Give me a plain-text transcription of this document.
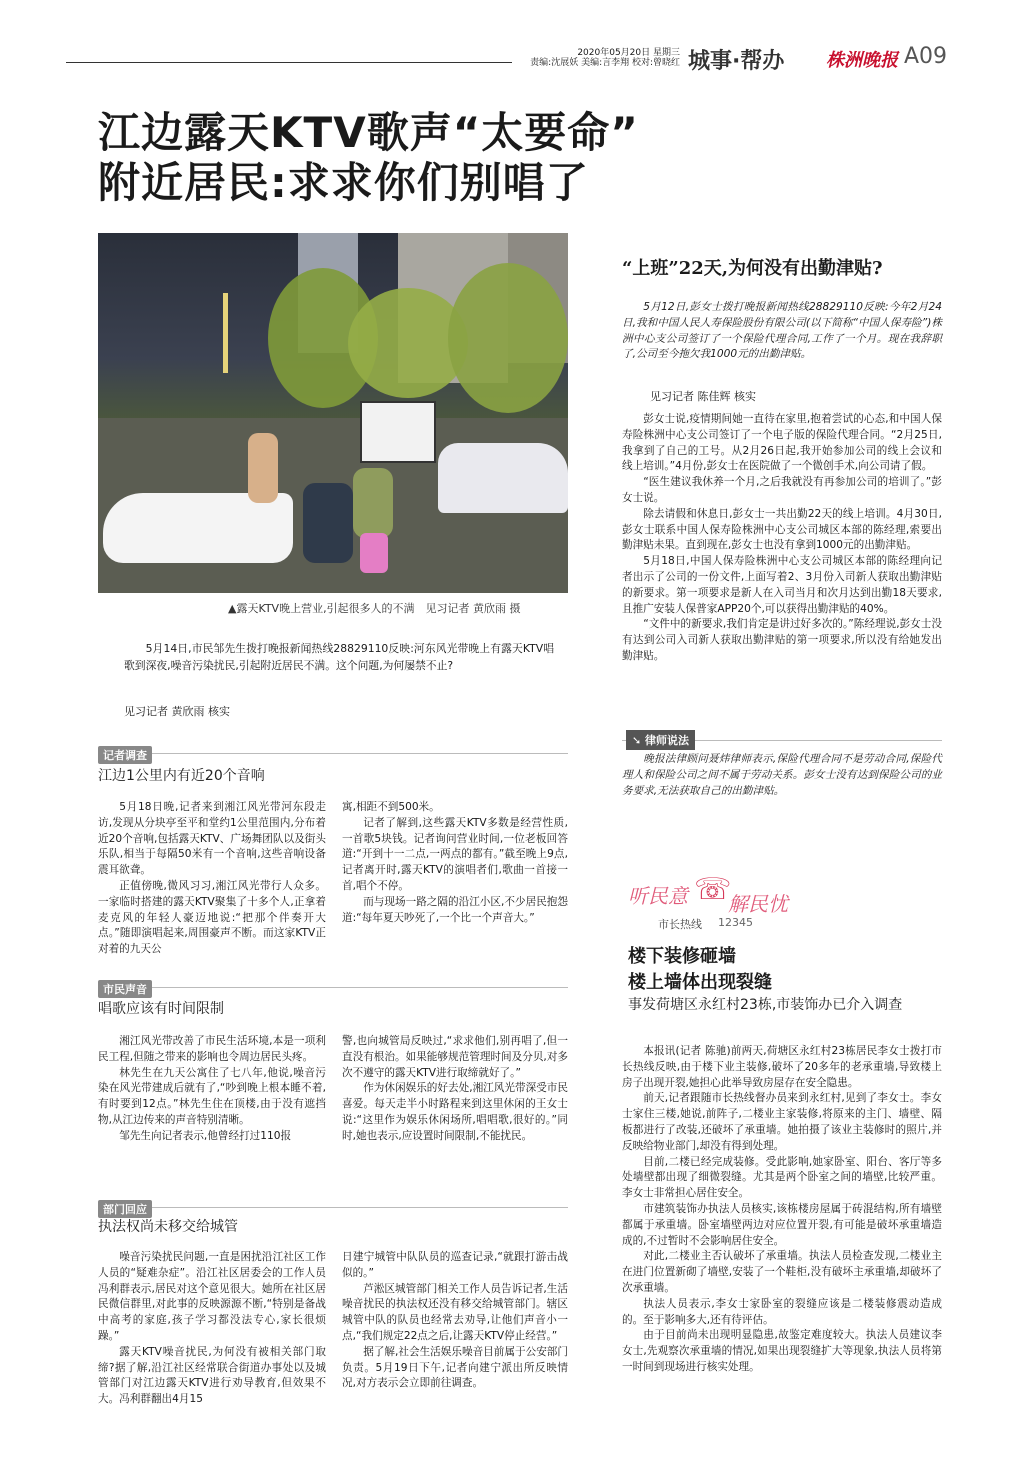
2020年05月20日 星期三
责编:沈展妖 美编:言李翔 校对:曾晓红 城事·帮办 株洲晚报 A09
江边露天KTV歌声“太要命”
附近居民:求求你们别唱了
▲露天KTV晚上营业,引起很多人的不满　见习记者 黄欣雨 摄

5月14日,市民邹先生拨打晚报新闻热线28829110反映:河东风光带晚上有露天KTV唱歌到深夜,噪音污染扰民,引起附近居民不满。这个问题,为何屡禁不止?

见习记者 黄欣雨 核实
记者调查
江边1公里内有近20个音响

5月18日晚,记者来到湘江风光带河东段走访,发现从分块亭至平和堂约1公里范围内,分布着近20个音响,包括露天KTV、广场舞团队以及街头乐队,相当于每隔50米有一个音响,这些音响设备震耳欲聋。

正值傍晚,微风习习,湘江风光带行人众多。一家临时搭建的露天KTV聚集了十多个人,正拿着麦克风的年轻人豪迈地说:“把那个伴奏开大点。”随即演唱起来,周围豪声不断。而这家KTV正对着的九天公

寓,相距不到500米。

记者了解到,这些露天KTV多数是经营性质,一首歌5块钱。记者询问营业时间,一位老板回答道:“开到十一二点,一两点的都有。”截至晚上9点,记者离开时,露天KTV的演唱者们,歌曲一首接一首,唱个不停。

而与现场一路之隔的沿江小区,不少居民抱怨道:“每年夏天吵死了,一个比一个声音大。”

市民声音
唱歌应该有时间限制

湘江风光带改善了市民生活环境,本是一项利民工程,但随之带来的影响也令周边居民头疼。

林先生在九天公寓住了七八年,他说,噪音污染在风光带建成后就有了,“吵到晚上根本睡不着,有时要到12点。”林先生住在顶楼,由于没有遮挡物,从江边传来的声音特别清晰。

邹先生向记者表示,他曾经打过110报

警,也向城管局反映过,“求求他们,别再唱了,但一直没有根治。如果能够规范管理时间及分贝,对多次不遵守的露天KTV进行取缔就好了。”

作为休闲娱乐的好去处,湘江风光带深受市民喜爱。每天走半小时路程来到这里休闲的王女士说:“这里作为娱乐休闲场所,唱唱歌,很好的。”同时,她也表示,应设置时间限制,不能扰民。

部门回应
执法权尚未移交给城管

噪音污染扰民问题,一直是困扰沿江社区工作人员的“疑难杂症”。沿江社区居委会的工作人员冯利群表示,居民对这个意见很大。她所在社区居民微信群里,对此事的反映源源不断,“特别是备战中高考的家庭,孩子学习都没法专心,家长很烦躁。”

露天KTV噪音扰民,为何没有被相关部门取缔?据了解,沿江社区经常联合街道办事处以及城管部门对江边露天KTV进行劝导教育,但效果不大。冯利群翻出4月15

日建宁城管中队队员的巡查记录,“就跟打游击战似的。”

芦淞区城管部门相关工作人员告诉记者,生活噪音扰民的执法权还没有移交给城管部门。辖区城管中队的队员也经常去劝导,让他们声音小一点,“我们规定22点之后,让露天KTV停止经营。”

据了解,社会生活娱乐噪音目前属于公安部门负责。5月19日下午,记者向建宁派出所反映情况,对方表示会立即前往调查。

“上班”22天,为何没有出勤津贴?

5月12日,彭女士拨打晚报新闻热线28829110反映:今年2月24日,我和中国人民人寿保险股份有限公司(以下简称“中国人保寿险”)株洲中心支公司签订了一个保险代理合同,工作了一个月。现在我辞职了,公司至今拖欠我1000元的出勤津贴。

见习记者 陈佳辉 核实

彭女士说,疫情期间她一直待在家里,抱着尝试的心态,和中国人保寿险株洲中心支公司签订了一个电子版的保险代理合同。“2月25日,我拿到了自己的工号。从2月26日起,我开始参加公司的线上会议和线上培训。”4月份,彭女士在医院做了一个微创手术,向公司请了假。

“医生建议我休养一个月,之后我就没有再参加公司的培训了。”彭女士说。

除去请假和休息日,彭女士一共出勤22天的线上培训。4月30日,彭女士联系中国人保寿险株洲中心支公司城区本部的陈经理,索要出勤津贴未果。直到现在,彭女士也没有拿到1000元的出勤津贴。

5月18日,中国人保寿险株洲中心支公司城区本部的陈经理向记者出示了公司的一份文件,上面写着2、3月份入司新人获取出勤津贴的新要求。第一项要求是新人在入司当月和次月达到出勤18天要求,且推广安装人保普家APP20个,可以获得出勤津贴的40%。

“文件中的新要求,我们肯定是讲过好多次的。”陈经理说,彭女士没有达到公司入司新人获取出勤津贴的第一项要求,所以没有给她发出勤津贴。

➘ 律师说法

晚报法律顾问聂炜律师表示,保险代理合同不是劳动合同,保险代理人和保险公司之间不属于劳动关系。彭女士没有达到保险公司的业务要求,无法获取自己的出勤津贴。

听民意 ☏
解民忧
市长热线 12345
楼下装修砸墙
楼上墙体出现裂缝
事发荷塘区永红村23栋,市装饰办已介入调查

本报讯(记者 陈驰)前两天,荷塘区永红村23栋居民李女士拨打市长热线反映,由于楼下业主装修,破坏了20多年的老承重墙,导致楼上房子出现开裂,她担心此举导致房屋存在安全隐患。

前天,记者跟随市长热线督办员来到永红村,见到了李女士。李女士家住三楼,她说,前阵子,二楼业主家装修,将原来的主门、墙壁、隔板都进行了改装,还破坏了承重墙。她拍摄了该业主装修时的照片,并反映给物业部门,却没有得到处理。

目前,二楼已经完成装修。受此影响,她家卧室、阳台、客厅等多处墙壁都出现了细微裂缝。尤其是两个卧室之间的墙壁,比较严重。李女士非常担心居住安全。

市建筑装饰办执法人员核实,该栋楼房屋属于砖混结构,所有墙壁都属于承重墙。卧室墙壁两边对应位置开裂,有可能是破坏承重墙造成的,不过暂时不会影响居住安全。

对此,二楼业主否认破坏了承重墙。执法人员检查发现,二楼业主在进门位置新砌了墙壁,安装了一个鞋柜,没有破坏主承重墙,却破坏了次承重墙。

执法人员表示,李女士家卧室的裂缝应该是二楼装修震动造成的。至于影响多大,还有待评估。

由于目前尚未出现明显隐患,故鉴定难度较大。执法人员建议李女士,先观察次承重墙的情况,如果出现裂缝扩大等现象,执法人员将第一时间到现场进行核实处理。
